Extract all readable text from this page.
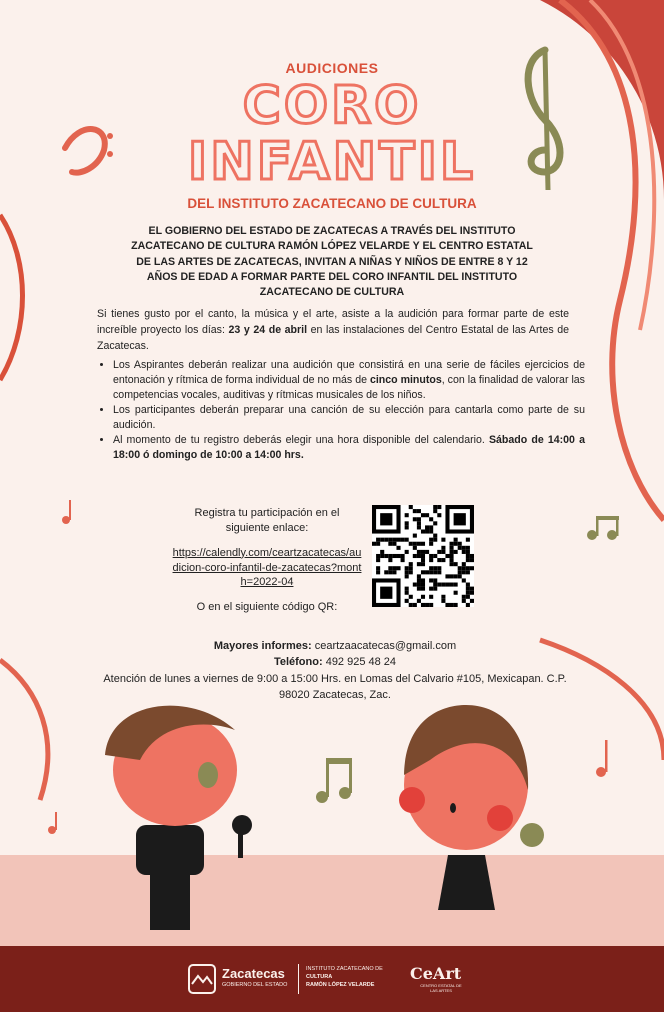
AUDICIONES
CORO
INFANTIL
DEL INSTITUTO ZACATECANO DE CULTURA
EL GOBIERNO DEL ESTADO DE ZACATECAS A TRAVÉS DEL INSTITUTO
ZACATECANO DE CULTURA RAMÓN LÓPEZ VELARDE Y EL CENTRO ESTATAL
DE LAS ARTES DE ZACATECAS, INVITAN A NIÑAS Y NIÑOS DE ENTRE 8 Y 12
AÑOS DE EDAD A FORMAR PARTE DEL CORO INFANTIL DEL INSTITUTO
ZACATECANO DE CULTURA
Si tienes gusto por el canto, la música y el arte, asiste a la audición para formar parte de este increíble proyecto los días: 23 y 24 de abril en las instalaciones del Centro Estatal de las Artes de Zacatecas.
• Los Aspirantes deberán realizar una audición que consistirá en una serie de fáciles ejercicios de entonación y rítmica de forma individual de no más de cinco minutos, con la finalidad de valorar las competencias vocales, auditivas y rítmicas musicales de los niños.
• Los participantes deberán preparar una canción de su elección para cantarla como parte de su audición.
• Al momento de tu registro deberás elegir una hora disponible del calendario. Sábado de 14:00 a 18:00 ó domingo de 10:00 a 14:00 hrs.
Registra tu participación en el siguiente enlace:
https://calendly.com/ceartzacatecas/audicion-coro-infantil-de-zacatecas?month=2022-04
O en el siguiente código QR:
Mayores informes: ceartzaacatecas@gmail.com
Teléfono: 492 925 48 24
Atención de lunes a viernes de 9:00 a 15:00 Hrs. en Lomas del Calvario #105, Mexicapan. C.P. 98020 Zacatecas, Zac.
Zacatecas
GOBIERNO DEL ESTADO
INSTITUTO ZACATECANO DE
CULTURA
RAMÓN LÓPEZ VELARDE
CeArt
CENTRO ESTATAL DE LAS ARTES
